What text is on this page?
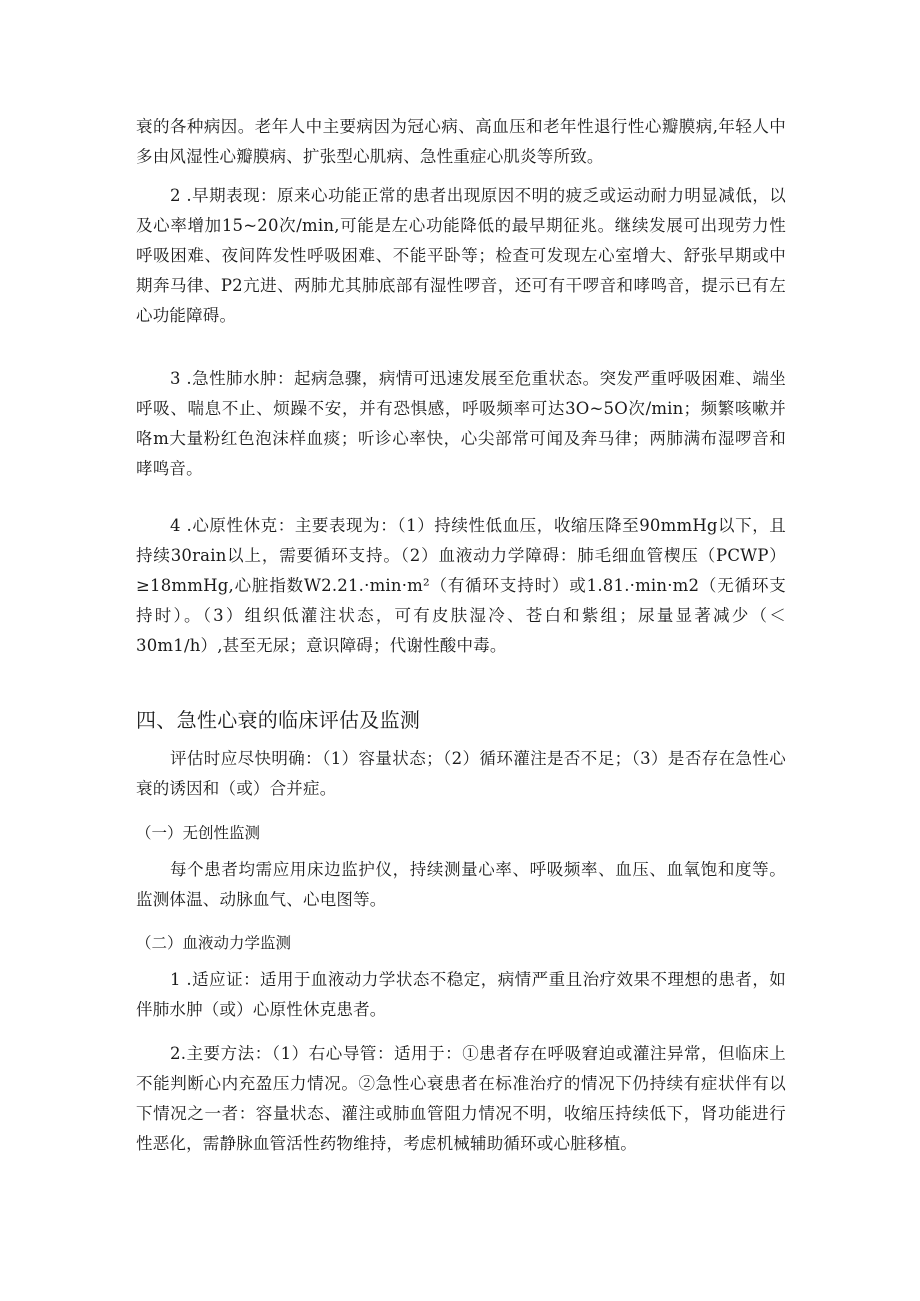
衰的各种病因。老年人中主要病因为冠心病、高血压和老年性退行性心瓣膜病,年轻人中多由风湿性心瓣膜病、扩张型心肌病、急性重症心肌炎等所致。

2 .早期表现：原来心功能正常的患者出现原因不明的疲乏或运动耐力明显减低，以及心率增加15~20次/min,可能是左心功能降低的最早期征兆。继续发展可出现劳力性呼吸困难、夜间阵发性呼吸困难、不能平卧等；检查可发现左心室增大、舒张早期或中期奔马律、P2亢进、两肺尤其肺底部有湿性啰音，还可有干啰音和哮鸣音，提示已有左心功能障碍。

3 .急性肺水肿：起病急骤，病情可迅速发展至危重状态。突发严重呼吸困难、端坐呼吸、喘息不止、烦躁不安，并有恐惧感，呼吸频率可达3O~5O次/min；频繁咳嗽并咯m大量粉红色泡沫样血痰；听诊心率快，心尖部常可闻及奔马律；两肺满布湿啰音和哮鸣音。

4 .心原性休克：主要表现为：（1）持续性低血压，收缩压降至90mmHg以下，且持续30rain以上，需要循环支持。（2）血液动力学障碍：肺毛细血管楔压（PCWP）≥18mmHg,心脏指数W2.21.·min·m²（有循环支持时）或1.81.·min·m2（无循环支持时）。（3）组织低灌注状态，可有皮肤湿冷、苍白和紫组；尿量显著减少（＜30m1∕h）,甚至无尿；意识障碍；代谢性酸中毒。

四、急性心衰的临床评估及监测

评估时应尽快明确：（1）容量状态；（2）循环灌注是否不足；（3）是否存在急性心衰的诱因和（或）合并症。

（一）无创性监测

每个患者均需应用床边监护仪，持续测量心率、呼吸频率、血压、血氧饱和度等。监测体温、动脉血气、心电图等。

（二）血液动力学监测

1 .适应证：适用于血液动力学状态不稳定，病情严重且治疗效果不理想的患者，如伴肺水肿（或）心原性休克患者。

2.主要方法：（1）右心导管：适用于：①患者存在呼吸窘迫或灌注异常，但临床上不能判断心内充盈压力情况。②急性心衰患者在标准治疗的情况下仍持续有症状伴有以下情况之一者：容量状态、灌注或肺血管阻力情况不明，收缩压持续低下，肾功能进行性恶化，需静脉血管活性药物维持，考虑机械辅助循环或心脏移植。
